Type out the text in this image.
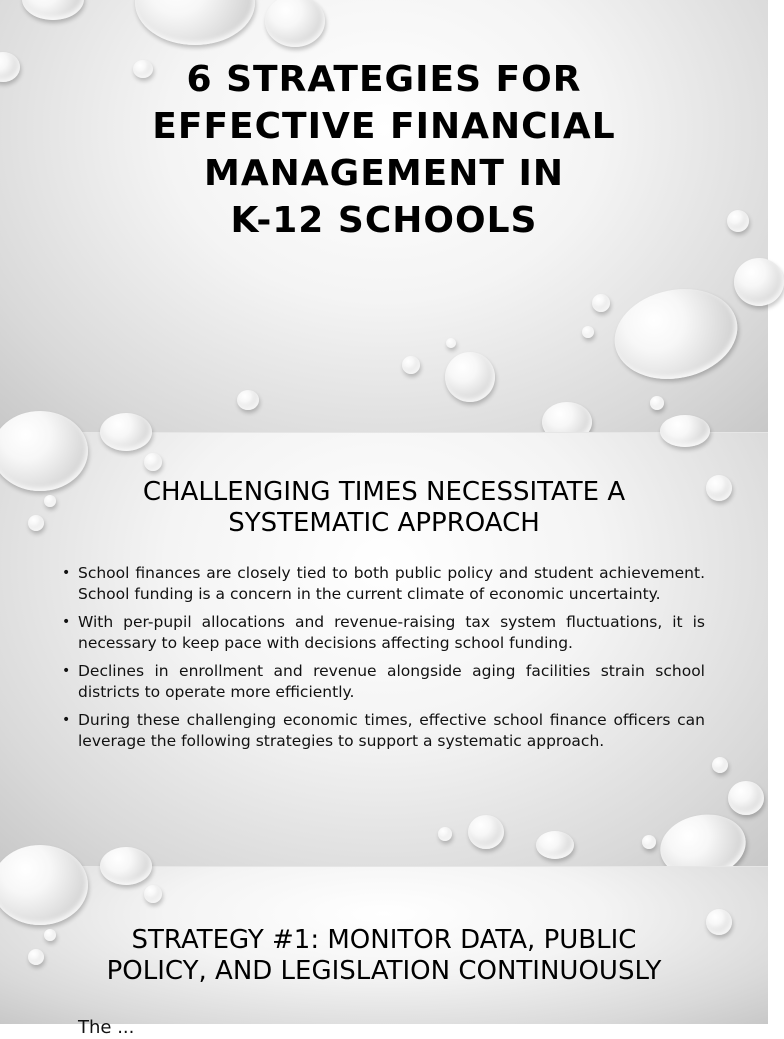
6 STRATEGIES FOR
EFFECTIVE FINANCIAL
MANAGEMENT IN
K-12 SCHOOLS
CHALLENGING TIMES NECESSITATE A
SYSTEMATIC APPROACH
• School finances are closely tied to both public policy and student achievement. School funding is a concern in the current climate of economic uncertainty.
• With per-pupil allocations and revenue-raising tax system fluctuations, it is necessary to keep pace with decisions affecting school funding.
• Declines in enrollment and revenue alongside aging facilities strain school districts to operate more efficiently.
• During these challenging economic times, effective school finance officers can leverage the following strategies to support a systematic approach.
STRATEGY #1: MONITOR DATA, PUBLIC
POLICY, AND LEGISLATION CONTINUOUSLY
The ...
